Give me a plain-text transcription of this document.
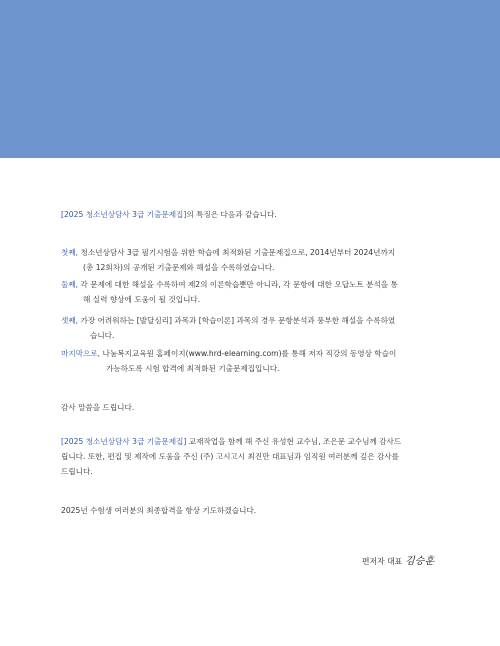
[2025 청소년상담사 3급 기출문제집]의 특징은 다음과 같습니다.
첫째, 청소년상담사 3급 필기시험을 위한 학습에 최적화된 기출문제집으로, 2014년부터 2024년까지
(총 12회차)의 공개된 기출문제와 해설을 수록하였습니다.
둘째, 각 문제에 대한 해설을 수록하여 제2의 이론학습뿐만 아니라, 각 문항에 대한 오답노트 분석을 통
해 실력 향상에 도움이 될 것입니다.
셋째, 가장 어려워하는 [발달심리] 과목과 [학습이론] 과목의 경우 문항분석과 풍부한 해설을 수록하였
습니다.
마지막으로, 나눔복지교육원 홈페이지(www.hrd-elearning.com)를 통해 저자 직강의 동영상 학습이
가능하도록 시험 합격에 최적화된 기출문제집입니다.
감사 말씀을 드립니다.
[2025 청소년상담사 3급 기출문제집] 교재작업을 함께 해 주신 유성현 교수님, 조은문 교수님께 감사드
립니다. 또한, 편집 및 제작에 도움을 주신 (주) 고시고시 최진만 대표님과 임직원 여러분께 깊은 감사를
드립니다.
2025년 수험생 여러분의 최종합격을 항상 기도하겠습니다.
편저자 대표 김승훈
